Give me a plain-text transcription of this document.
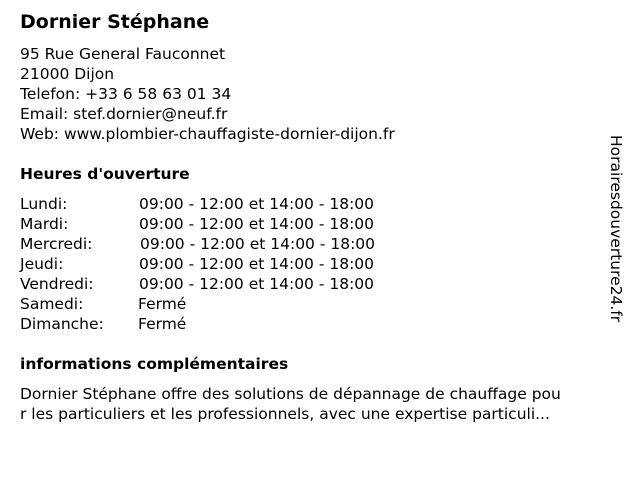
Dornier Stéphane
95 Rue General Fauconnet
21000 Dijon
Telefon: +33 6 58 63 01 34
Email: stef.dornier@neuf.fr
Web: www.plombier-chauffagiste-dornier-dijon.fr
Heures d'ouverture
Lundi:	09:00 - 12:00 et 14:00 - 18:00
Mardi:	09:00 - 12:00 et 14:00 - 18:00
Mercredi:	09:00 - 12:00 et 14:00 - 18:00
Jeudi:	09:00 - 12:00 et 14:00 - 18:00
Vendredi:	09:00 - 12:00 et 14:00 - 18:00
Samedi:	Fermé
Dimanche: Fermé
informations complémentaires
Dornier Stéphane offre des solutions de dépannage de chauffage pou
r les particuliers et les professionnels, avec une expertise particuli...
Horairesdouverture24.fr
